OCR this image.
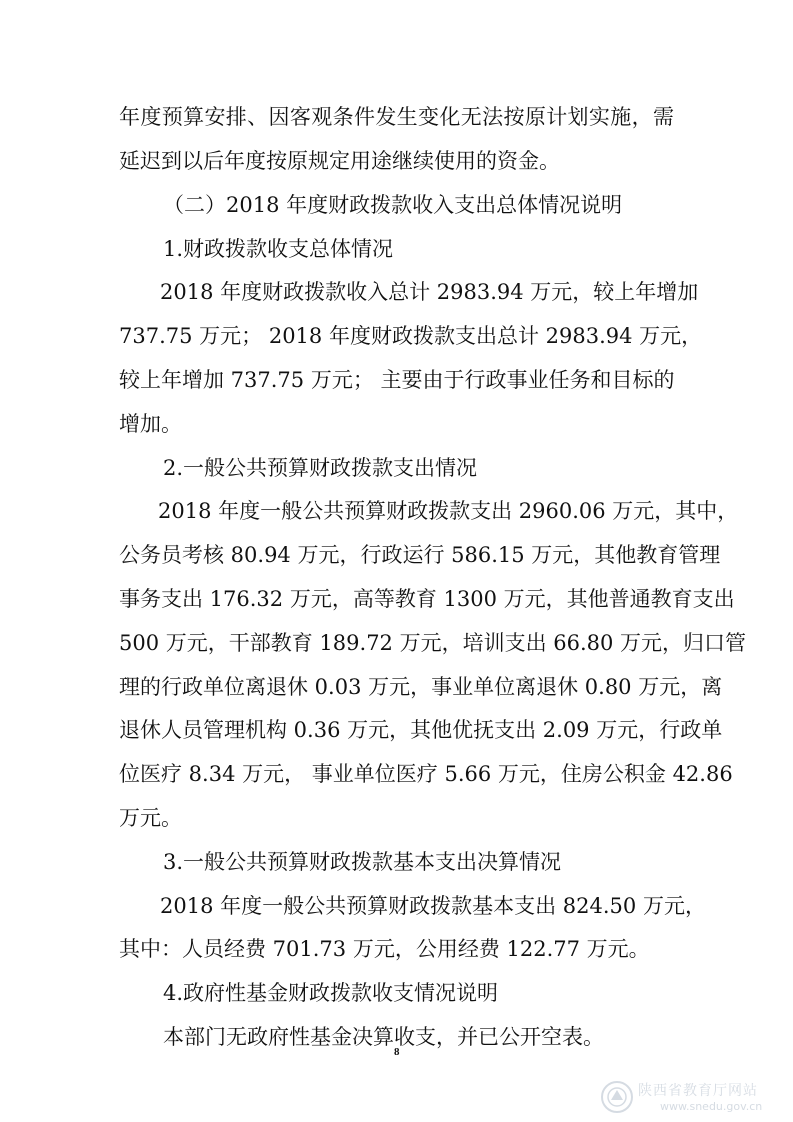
年度预算安排、因客观条件发生变化无法按原计划实施，需
延迟到以后年度按原规定用途继续使用的资金。
（二）2018 年度财政拨款收入支出总体情况说明
1.财政拨款收支总体情况
2018 年度财政拨款收入总计 2983.94 万元，较上年增加
737.75 万元； 2018 年度财政拨款支出总计 2983.94 万元，
较上年增加 737.75 万元； 主要由于行政事业任务和目标的
增加。
2.一般公共预算财政拨款支出情况
2018 年度一般公共预算财政拨款支出 2960.06 万元，其中，
公务员考核 80.94 万元，行政运行 586.15 万元，其他教育管理
事务支出 176.32 万元，高等教育 1300 万元，其他普通教育支出
500 万元，干部教育 189.72 万元，培训支出 66.80 万元，归口管
理的行政单位离退休 0.03 万元，事业单位离退休 0.80 万元，离
退休人员管理机构 0.36 万元，其他优抚支出 2.09 万元，行政单
位医疗 8.34 万元， 事业单位医疗 5.66 万元，住房公积金 42.86
万元。
3.一般公共预算财政拨款基本支出决算情况
2018 年度一般公共预算财政拨款基本支出 824.50 万元，
其中：人员经费 701.73 万元，公用经费 122.77 万元。
4.政府性基金财政拨款收支情况说明
本部门无政府性基金决算收支，并已公开空表。
8
陕西省教育厅网站
www.snedu.gov.cn
